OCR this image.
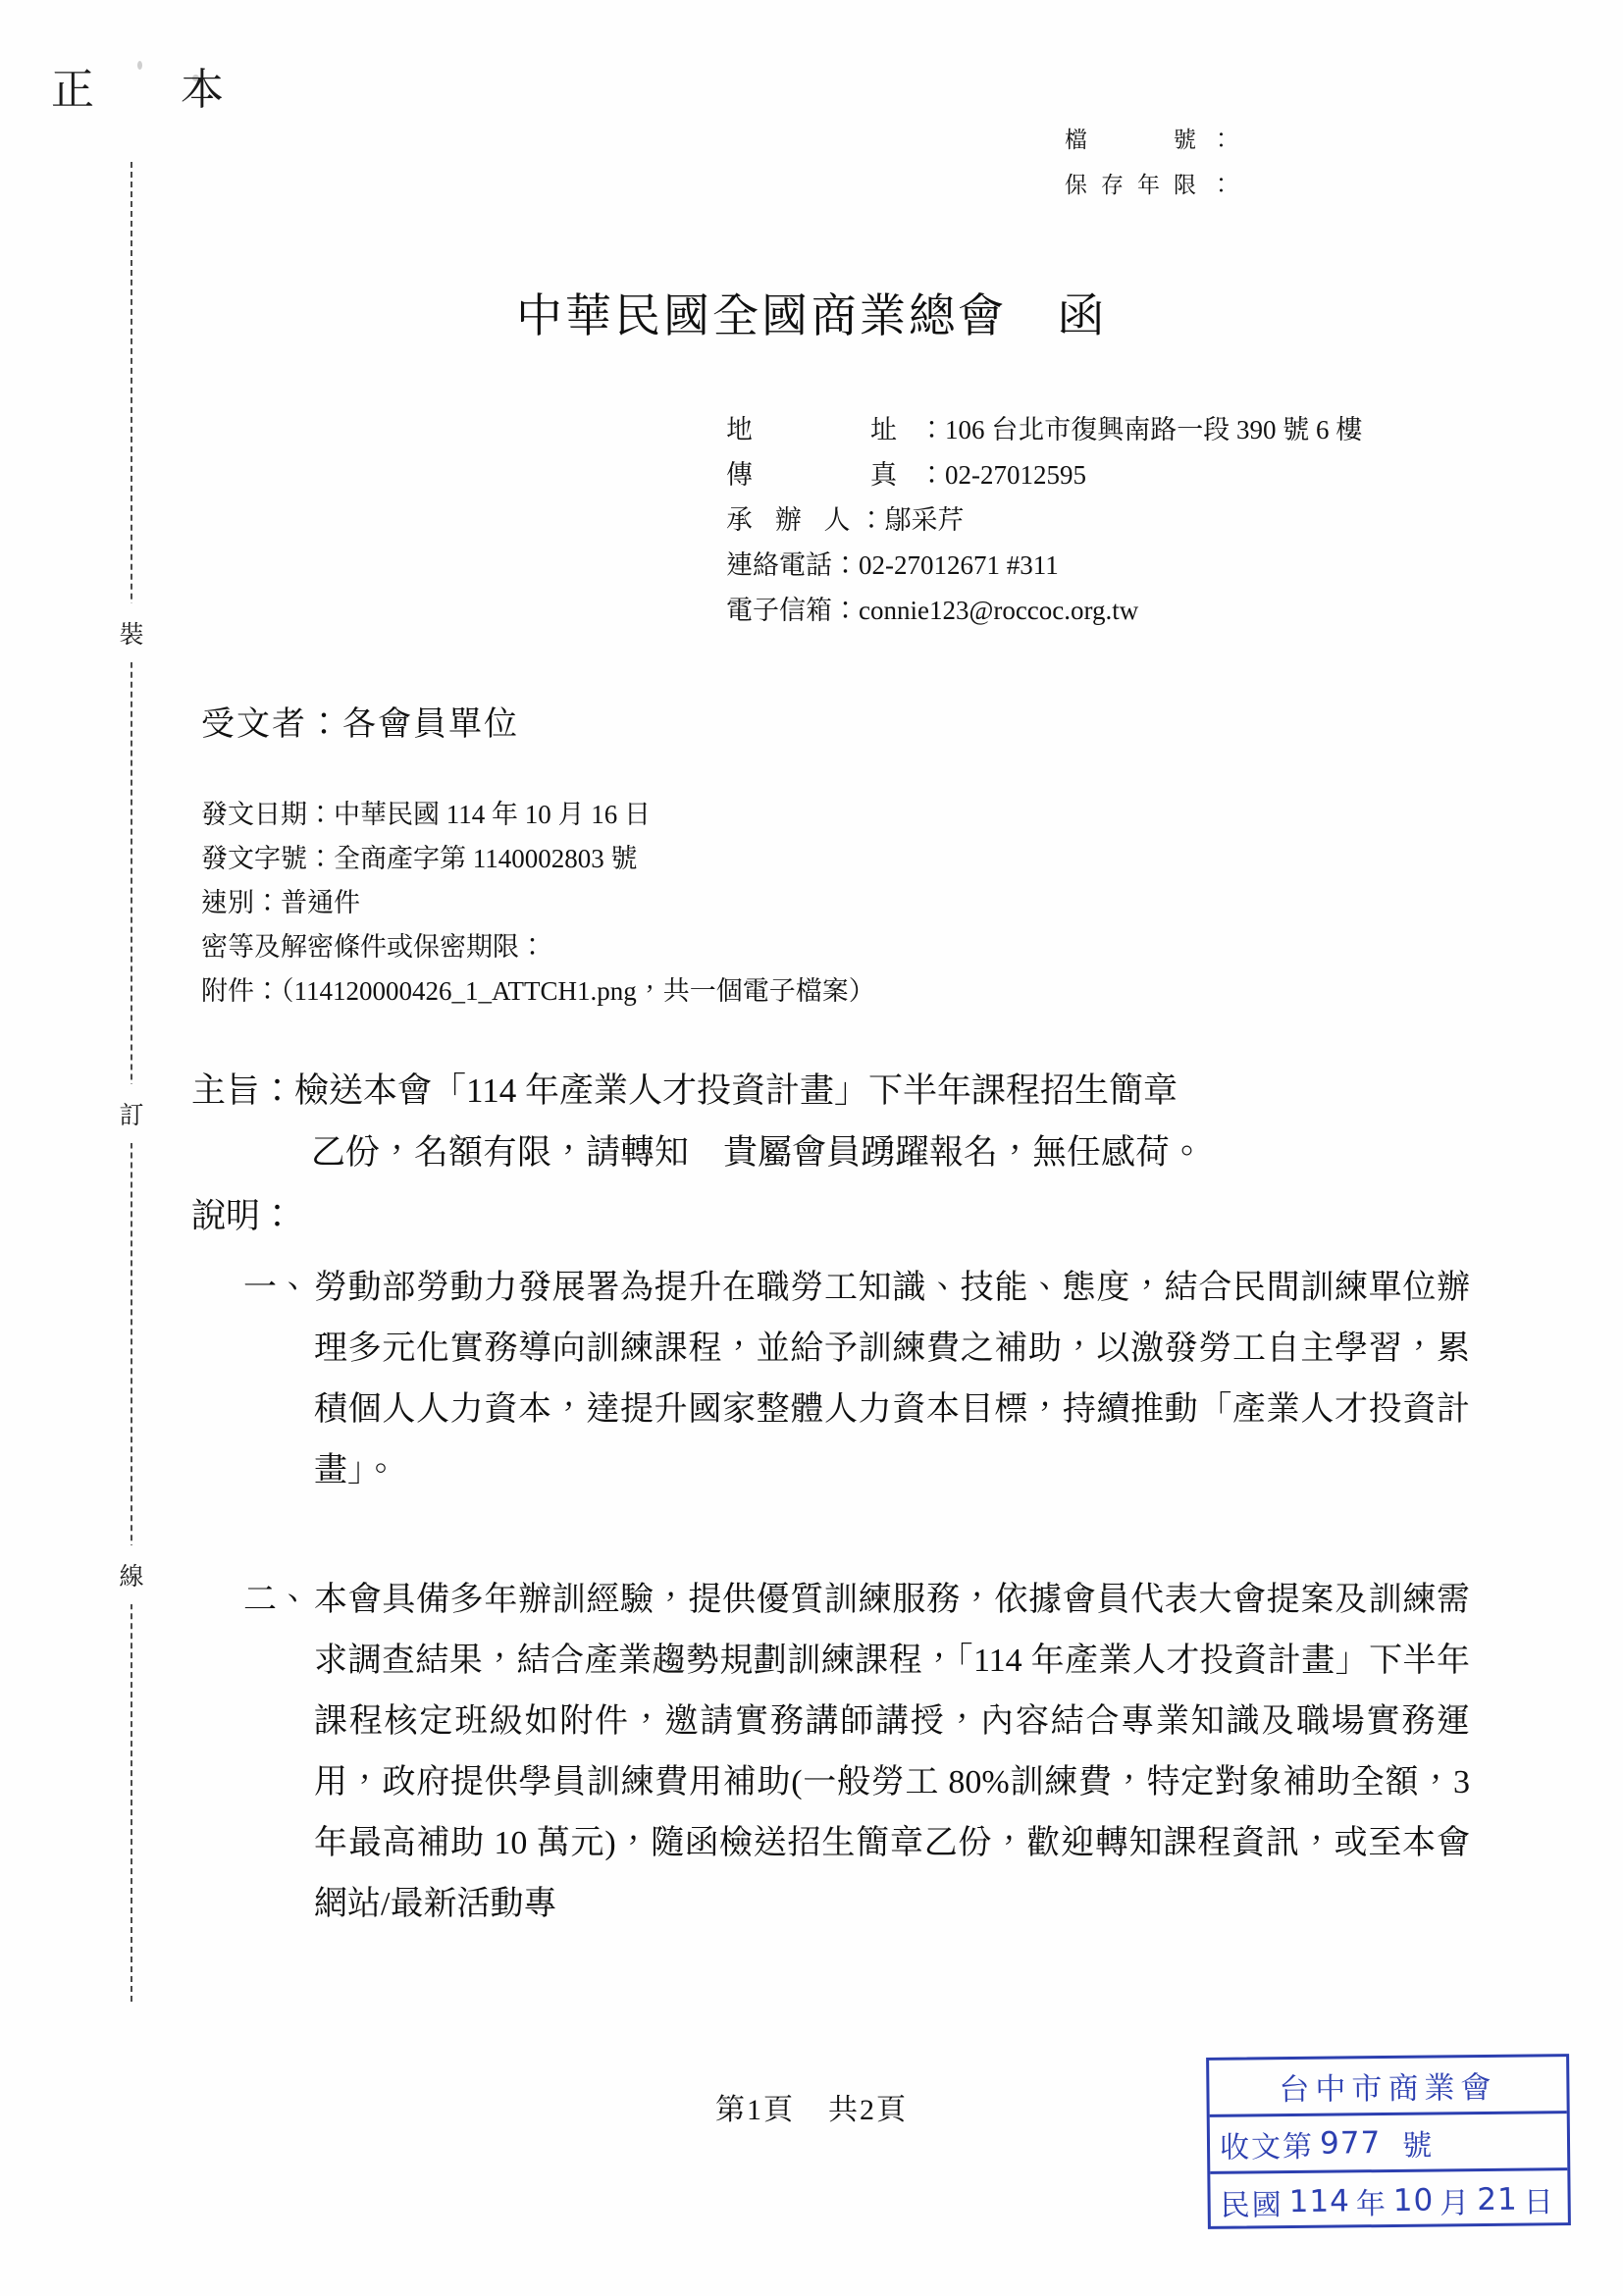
正　本
檔　　號：
保存年限：
裝
訂
線
中華民國全國商業總會 函
地　　址：106 台北市復興南路一段 390 號 6 樓
傳　　真：02-27012595
承 辦 人：鄔采芹
連絡電話：02-27012671 #311
電子信箱：connie123@roccoc.org.tw
受文者：各會員單位
發文日期：中華民國 114 年 10 月 16 日
發文字號：全商產字第 1140002803 號
速別：普通件
密等及解密條件或保密期限：
附件：（114120000426_1_ATTCH1.png，共一個電子檔案）
主旨：檢送本會「114 年產業人才投資計畫」下半年課程招生簡章
乙份，名額有限，請轉知　貴屬會員踴躍報名，無任感荷。
說明：
一、 勞動部勞動力發展署為提升在職勞工知識、技能、態度，結合民間訓練單位辦理多元化實務導向訓練課程，並給予訓練費之補助，以激發勞工自主學習，累積個人人力資本，達提升國家整體人力資本目標，持續推動「產業人才投資計畫」。
二、 本會具備多年辦訓經驗，提供優質訓練服務，依據會員代表大會提案及訓練需求調查結果，結合產業趨勢規劃訓練課程，「114 年產業人才投資計畫」下半年課程核定班級如附件，邀請實務講師講授，內容結合專業知識及職場實務運用，政府提供學員訓練費用補助(一般勞工 80%訓練費，特定對象補助全額，3 年最高補助 10 萬元)，隨函檢送招生簡章乙份，歡迎轉知課程資訊，或至本會網站/最新活動專
第1頁 共2頁
台中市商業會
收文第 977 號
民國 114 年 10 月 21 日
